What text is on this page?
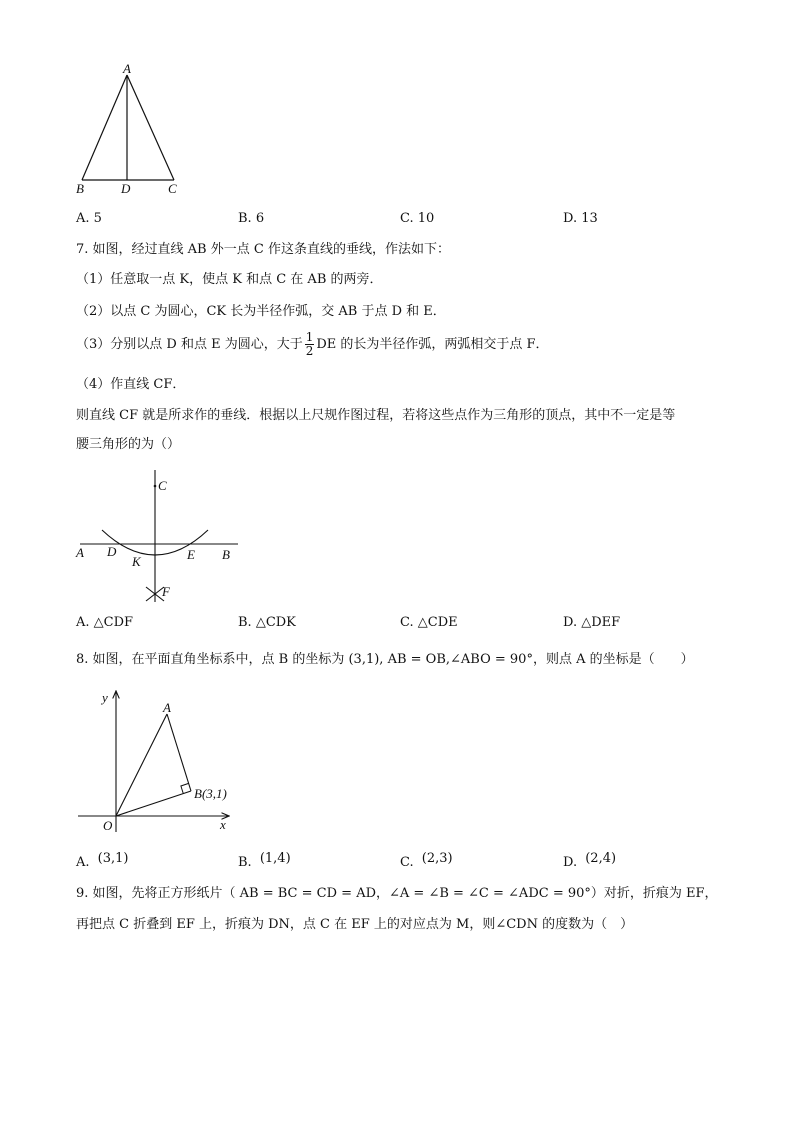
A
B	D	C
A. 5	B. 6	C. 10	D. 13
7. 如图，经过直线 AB 外一点 C 作这条直线的垂线，作法如下：
（1）任意取一点 K，使点 K 和点 C 在 AB 的两旁．
（2）以点 C 为圆心，CK 长为半径作弧，交 AB 于点 D 和 E．
（3）分别以点 D 和点 E 为圆心，大于 $\frac{1}{2}$ DE 的长为半径作弧，两弧相交于点 F．
（4）作直线 CF．
则直线 CF 就是所求作的垂线．根据以上尺规作图过程，若将这些点作为三角形的顶点，其中不一定是等
腰三角形的为（）
C
A D
K	E B
F
A. △CDF	B. △CDK	C. △CDE	D. △DEF
8. 如图，在平面直角坐标系中，点 B 的坐标为 (3,1), AB = OB,∠ABO = 90°，则点 A 的坐标是（　　）
y
A
B(3,1)
O	x
A. (3,1)	B. (1,4)	C. (2,3)	D. (2,4)
9. 如图，先将正方形纸片（ AB = BC = CD = AD，∠A = ∠B = ∠C = ∠ADC = 90°）对折，折痕为 EF，
再把点 C 折叠到 EF 上，折痕为 DN，点 C 在 EF 上的对应点为 M，则∠CDN 的度数为（　）
